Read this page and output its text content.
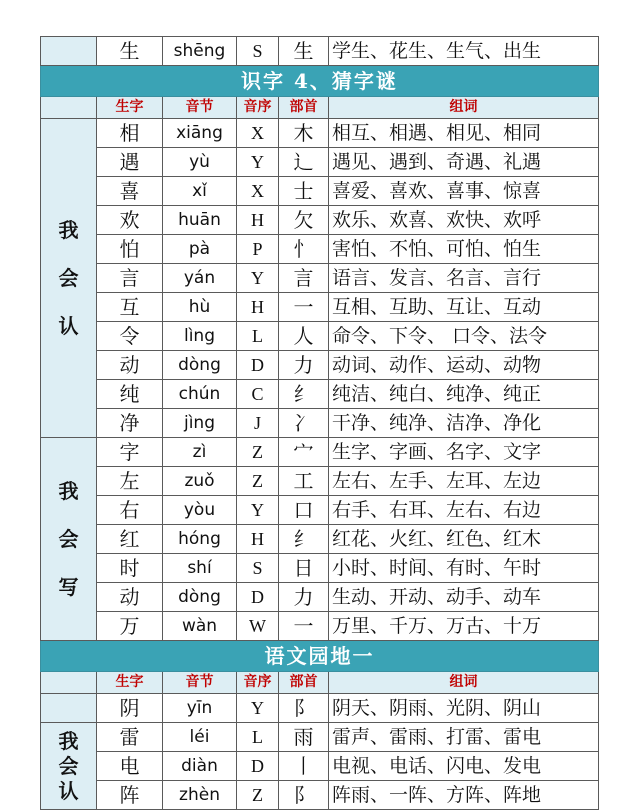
	生	shēng	S	生	学生、花生、生气、出生
识字 4、猜字谜					
	生字	音节	音序	部首	组词

我
会
认	相	xiāng	X	木	相互、相遇、相见、相同
	遇	yù	Y	辶	遇见、遇到、奇遇、礼遇
	喜	xǐ	X	士	喜爱、喜欢、喜事、惊喜
	欢	huān	H	欠	欢乐、欢喜、欢快、欢呼
	怕	pà	P	忄	害怕、不怕、可怕、怕生
	言	yán	Y	言	语言、发言、名言、言行
	互	hù	H	一	互相、互助、互让、互动
	令	lìng	L	人	命令、下令、 口令、法令
	动	dòng	D	力	动词、动作、运动、动物
	纯	chún	C	纟	纯洁、纯白、纯净、纯正
	净	jìng	J	冫	干净、纯净、洁净、净化

我
会
写	字	zì	Z	宀	生字、字画、名字、文字
	左	zuǒ	Z	工	左右、左手、左耳、左边
	右	yòu	Y	口	右手、右耳、左右、右边
	红	hóng	H	纟	红花、火红、红色、红木
	时	shí	S	日	小时、时间、有时、午时
	动	dòng	D	力	生动、开动、动手、动车
	万	wàn	W	一	万里、千万、万古、十万
语文园地一					
	生字	音节	音序	部首	组词
	阴	yīn	Y	阝	阴天、阴雨、光阴、阴山

我
会
认	雷	léi	L	雨	雷声、雷雨、打雷、雷电
	电	diàn	D	丨	电视、电话、闪电、发电
	阵	zhèn	Z	阝	阵雨、一阵、方阵、阵地
